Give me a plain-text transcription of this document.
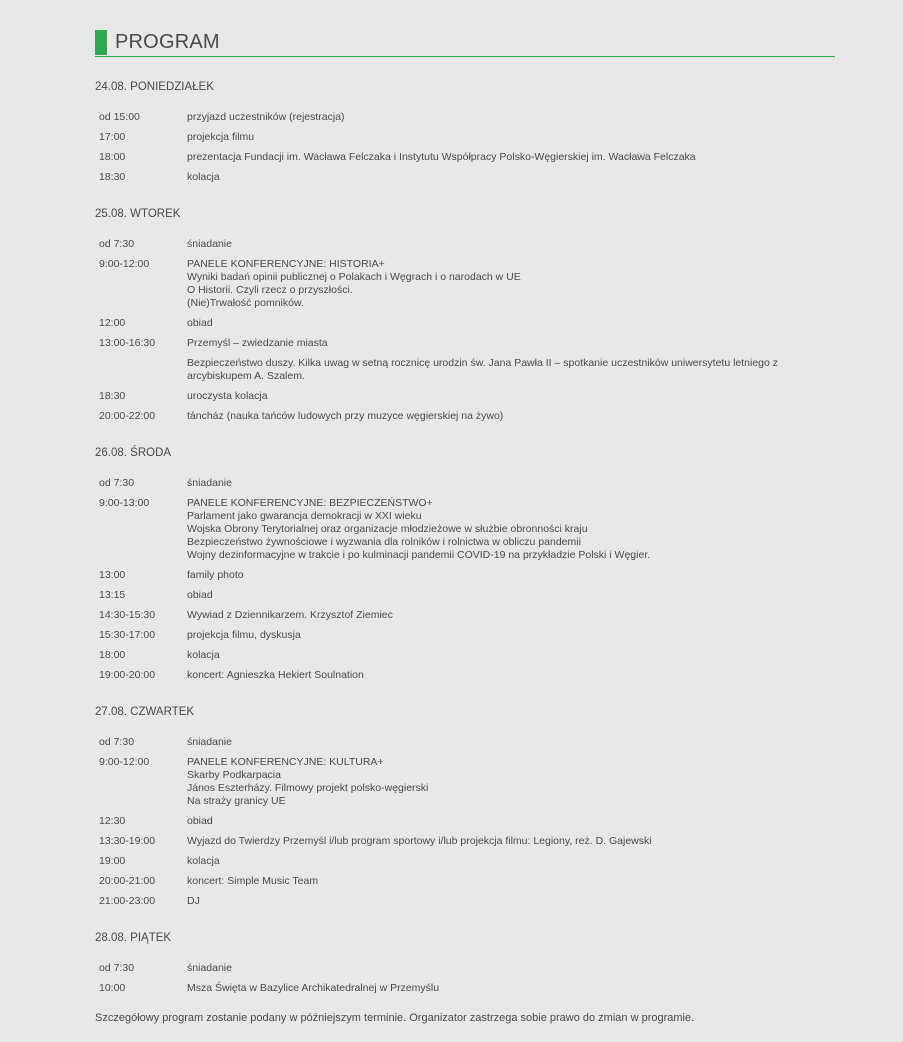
PROGRAM
24.08. PONIEDZIAŁEK
od 15:00	przyjazd uczestników (rejestracja)
17:00	projekcja filmu
18:00	prezentacja Fundacji im. Wacława Felczaka i Instytutu Współpracy Polsko-Węgierskiej im. Wacława Felczaka
18:30	kolacja
25.08. WTOREK
od 7:30	śniadanie
9:00-12:00	PANELE KONFERENCYJNE: HISTORIA+
Wyniki badań opinii publicznej o Polakach i Węgrach i o narodach w UE
O Historii. Czyli rzecz o przyszłości.
(Nie)Trwałość pomników.
12:00	obiad
13:00-16:30	Przemyśl – zwiedzanie miasta
Bezpieczeństwo duszy. Kilka uwag w setną rocznicę urodzin św. Jana Pawła II – spotkanie uczestników uniwersytetu letniego z
arcybiskupem A. Szalem.
18:30	uroczysta kolacja
20:00-22:00	táncház (nauka tańców ludowych przy muzyce węgierskiej na żywo)
26.08. ŚRODA
od 7:30	śniadanie
9:00-13:00	PANELE KONFERENCYJNE: BEZPIECZEŃSTWO+
Parlament jako gwarancja demokracji w XXI wieku
Wojska Obrony Terytorialnej oraz organizacje młodzieżowe w służbie obronności kraju
Bezpieczeństwo żywnościowe i wyzwania dla rolników i rolnictwa w obliczu pandemii
Wojny dezinformacyjne w trakcie i po kulminacji pandemii COVID-19 na przykładzie Polski i Węgier.
13:00	family photo
13:15	obiad
14:30-15:30	Wywiad z Dziennikarzem. Krzysztof Ziemiec
15:30-17:00	projekcja filmu, dyskusja
18:00	kolacja
19:00-20:00	koncert: Agnieszka Hekiert Soulnation
27.08. CZWARTEK
od 7:30	śniadanie
9:00-12:00	PANELE KONFERENCYJNE: KULTURA+
Skarby Podkarpacia
János Eszterházy. Filmowy projekt polsko-węgierski
Na straży granicy UE
12:30	obiad
13:30-19:00	Wyjazd do Twierdzy Przemyśl i/lub program sportowy i/lub projekcja filmu: Legiony, reż. D. Gajewski
19:00	kolacja
20:00-21:00	koncert: Simple Music Team
21:00-23:00	DJ
28.08. PIĄTEK
od 7:30	śniadanie
10:00	Msza Święta w Bazylice Archikatedralnej w Przemyślu
Szczegółowy program zostanie podany w późniejszym terminie. Organizator zastrzega sobie prawo do zmian w programie.
